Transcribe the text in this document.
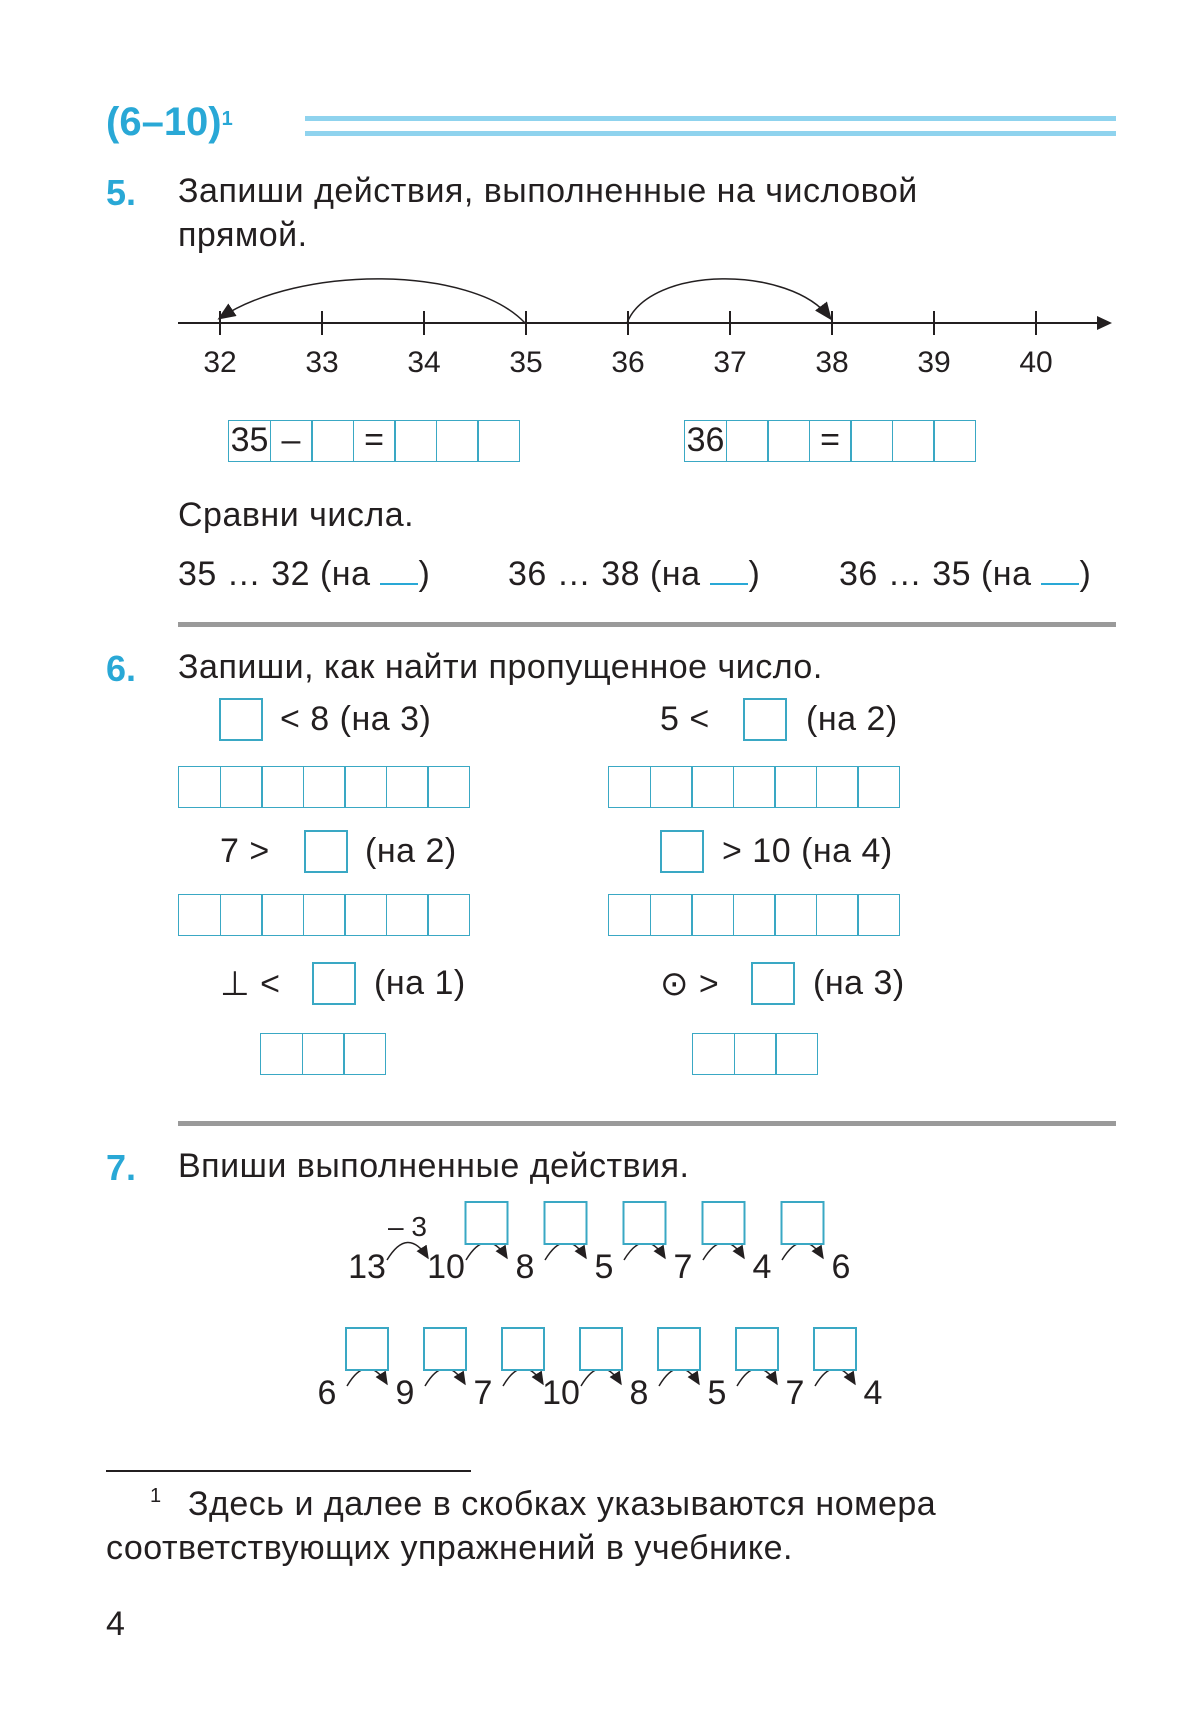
$(6-10)^1$
5. Запиши действия, выполненные на числовой
прямой.
32 33 34 35 36 37 38 39 40
35 –	=	36	=
Сравни числа.
35 … 32 (на ) 36 … 38 (на ) 36 … 35 (на )
6. Запиши, как найти пропущенное число.
< 8 (на 3)	5 <	(на 2)
7 >	(на 2)	> 10 (на 4)
⊥ <	(на 1)	⊙ >	(на 3)
7. Впиши выполненные действия.
13 10 8 5 7 4 6
– 3
6 9 7 10 8 5 7 4
1 Здесь и далее в скобках указываются номера
соответствующих упражнений в учебнике.
4
